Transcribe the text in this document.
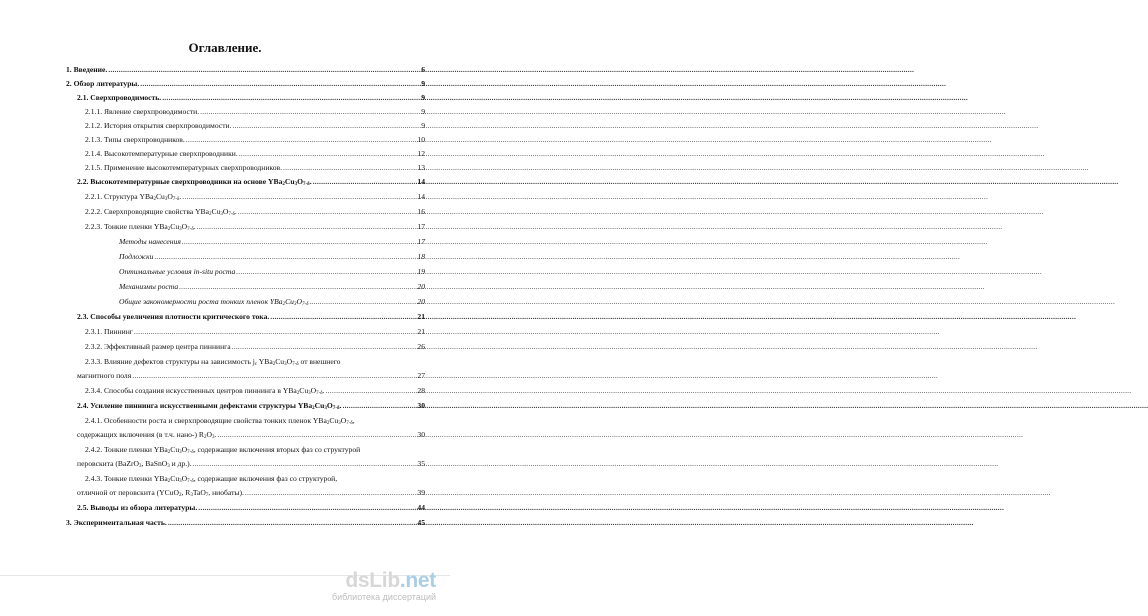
Оглавление.
1. Введение. .....	6
2. Обзор литературы. .....	9
2.1. Сверхпроводимость. .....	9
2.1.1. Явление сверхпроводимости. .....	9
2.1.2. История открытия сверхпроводимости. .....	9
2.1.3. Типы сверхпроводников. .....	10
2.1.4. Высокотемпературные сверхпроводники. .....	12
2.1.5. Применение высокотемпературных сверхпроводников. .....	13
2.2. Высокотемпературные сверхпроводники на основе $YBa_2Cu_3O_{7-\delta}$. .....	14
2.2.1. Структура $YBa_2Cu_3O_{7-\delta}$. .....	14
2.2.2. Сверхпроводящие свойства $YBa_2Cu_3O_{7-\delta}$. .....	16
2.2.3. Тонкие пленки $YBa_2Cu_3O_{7-\delta}$. .....	17
Методы нанесения .....	17
Подложки .....	18
Оптимальные условия in-situ роста .....	19
Механизмы роста .....	20
Общие закономерности роста тонких пленок $YBa_2Cu_3O_{7-\delta}$ .....	20
2.3. Способы увеличения плотности критического тока. .....	21
2.3.1. Пиннинг .....	21
2.3.2. Эффективный размер центра пиннинга .....	26
2.3.3. Влияние дефектов структуры на зависимость $j_c$ $YBa_2Cu_3O_{7-\delta}$ от внешнего
магнитного поля .....	27
2.3.4. Способы создания искусственных центров пиннинга в $YBa_2Cu_3O_{7-\delta}$. .....	28
2.4. Усиление пиннинга искусственными дефектами структуры $YBa_2Cu_3O_{7-\delta}$. .....	30
2.4.1. Особенности роста и сверхпроводящие свойства тонких пленок $YBa_2Cu_3O_{7-\delta}$,
содержащих включения (в т.ч. нано-) $R_2O_3$. .....	30
2.4.2. Тонкие пленки $YBa_2Cu_3O_{7-\delta}$, содержащие включения вторых фаз со структурой
перовскита (BaZrO$_3$, BaSnO$_3$ и др.). .....	35
2.4.3. Тонкие пленки $YBa_2Cu_3O_{7-\delta}$, содержащие включения фаз со структурой,
отличной от перовскита (YCuO$_2$, $R_3TaO_7$, ниобаты). .....	39
2.5. Выводы из обзора литературы. .....	44
3. Экспериментальная часть. .....	45
dsLib.net
библиотека диссертаций
